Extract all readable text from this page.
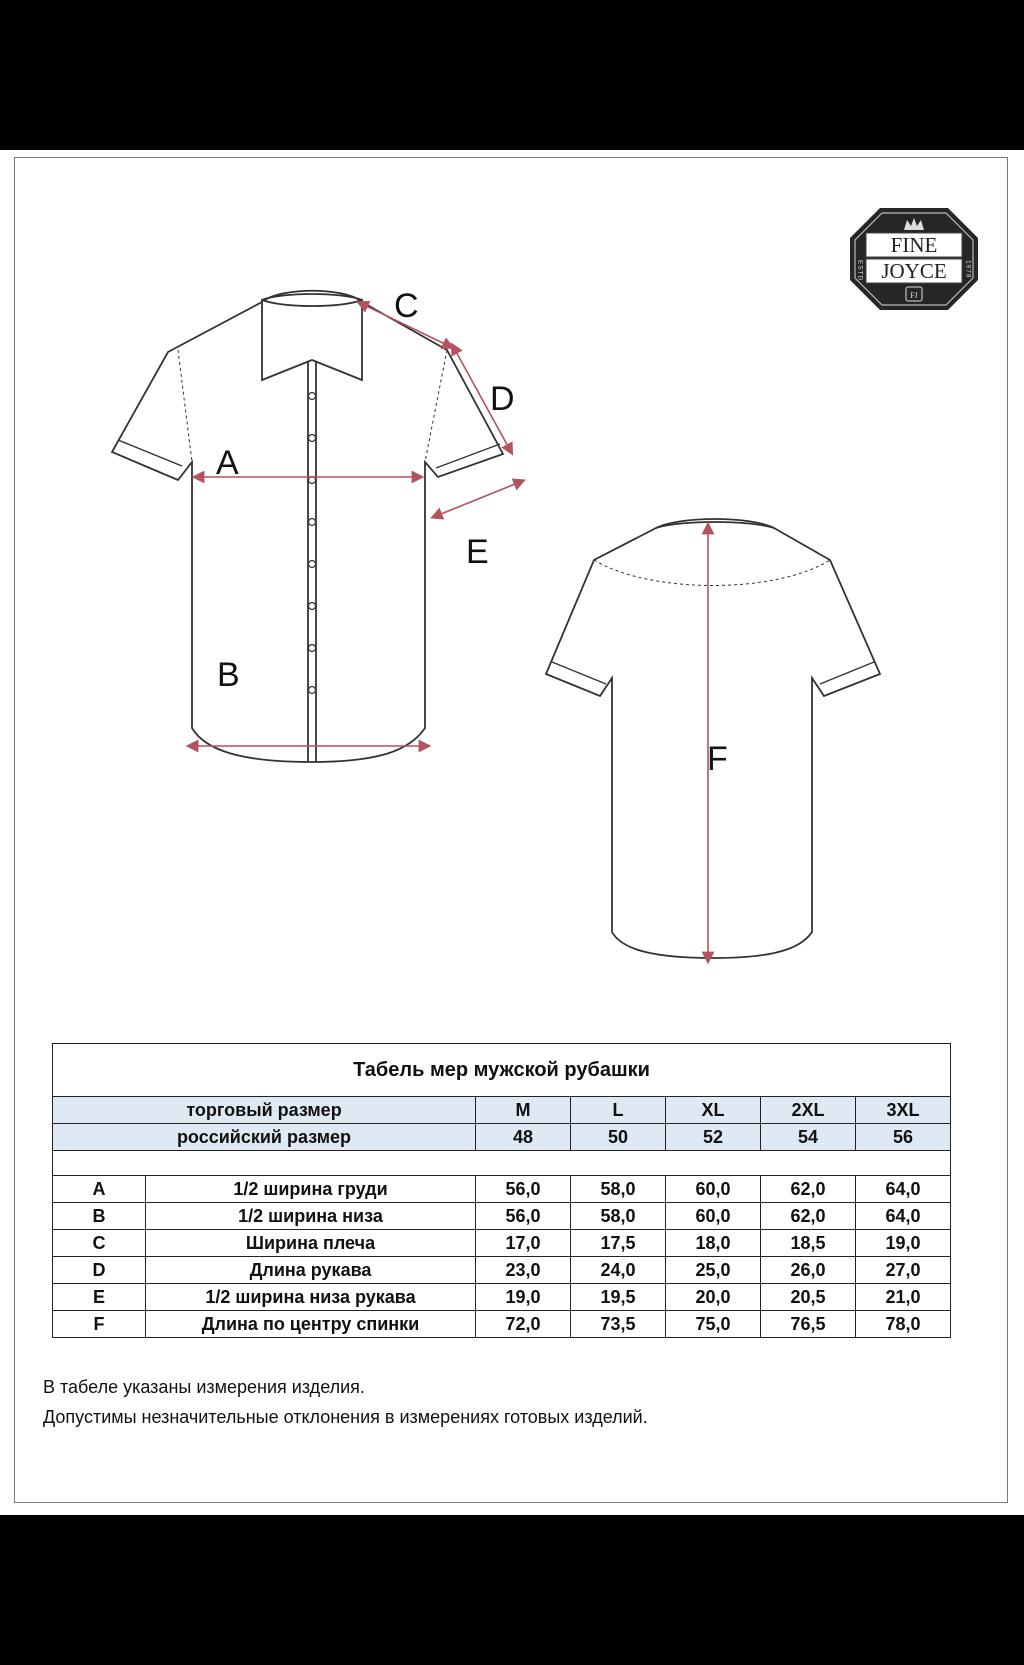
FINE
JOYCE
ESTD	1978
FJ
A
B
C
D
E
F
Табель мер мужской рубашки						
торговый размер		M	L	XL	2XL	3XL
российский размер		48	50	52	54	56

A	1/2 ширина груди	56,0	58,0	60,0	62,0	64,0
B	1/2 ширина низа	56,0	58,0	60,0	62,0	64,0
C	Ширина плеча	17,0	17,5	18,0	18,5	19,0
D	Длина рукава	23,0	24,0	25,0	26,0	27,0
E	1/2 ширина низа рукава	19,0	19,5	20,0	20,5	21,0
F	Длина по центру спинки	72,0	73,5	75,0	76,5	78,0
В табеле указаны измерения изделия.
Допустимы незначительные отклонения в измерениях готовых изделий.
